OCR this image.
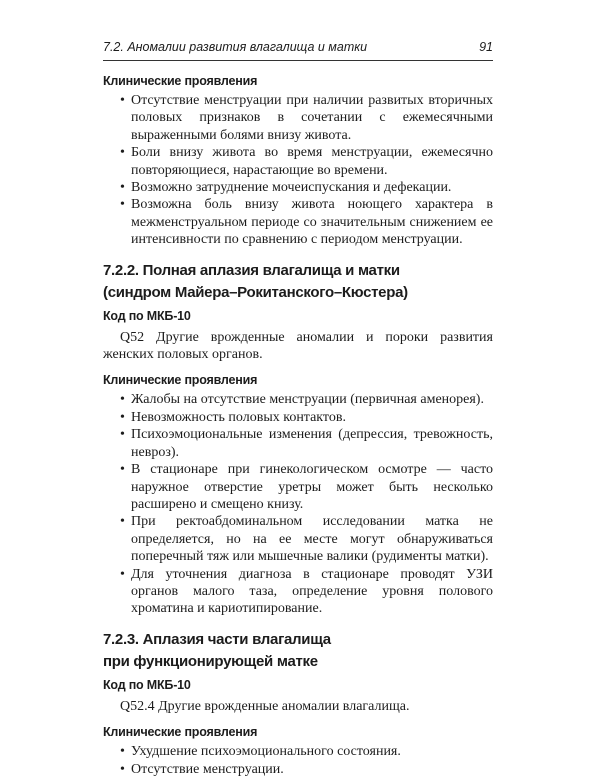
7.2. Аномалии развития влагалища и матки	91
Клинические проявления
• Отсутствие менструации при наличии развитых вторичных половых признаков в сочетании с ежемесячными выраженными болями внизу живота.
• Боли внизу живота во время менструации, ежемесячно повторяющиеся, нарастающие во времени.
• Возможно затруднение мочеиспускания и дефекации.
• Возможна боль внизу живота ноющего характера в межменструальном периоде со значительным снижением ее интенсивности по сравнению с периодом менструации.
7.2.2. Полная аплазия влагалища и матки
(синдром Майера–Рокитанского–Кюстера)
Код по МКБ-10

Q52 Другие врожденные аномалии и пороки развития женских половых органов.

Клинические проявления
• Жалобы на отсутствие менструации (первичная аменорея).
• Невозможность половых контактов.
• Психоэмоциональные изменения (депрессия, тревожность, невроз).
• В стационаре при гинекологическом осмотре — часто наружное отверстие уретры может быть несколько расширено и смещено книзу.
• При ректоабдоминальном исследовании матка не определяется, но на ее месте могут обнаруживаться поперечный тяж или мышечные валики (рудименты матки).
• Для уточнения диагноза в стационаре проводят УЗИ органов малого таза, определение уровня полового хроматина и кариотипирование.
7.2.3. Аплазия части влагалища
при функционирующей матке
Код по МКБ-10

Q52.4 Другие врожденные аномалии влагалища.

Клинические проявления
• Ухудшение психоэмоционального состояния.
• Отсутствие менструации.
